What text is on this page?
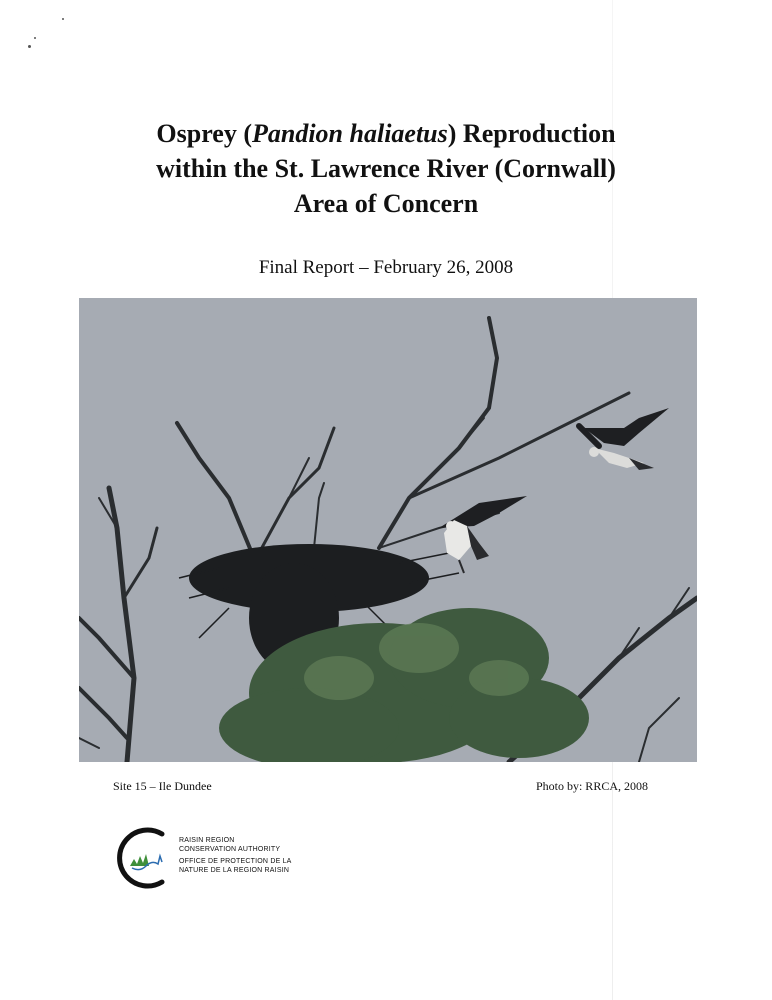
Osprey (Pandion haliaetus) Reproduction
within the St. Lawrence River (Cornwall)
Area of Concern

Final Report – February 26, 2008

Site 15 – Ile Dundee	Photo by: RRCA, 2008
RAISIN REGION
CONSERVATION AUTHORITY
OFFICE DE PROTECTION DE LA
NATURE DE LA REGION RAISIN
